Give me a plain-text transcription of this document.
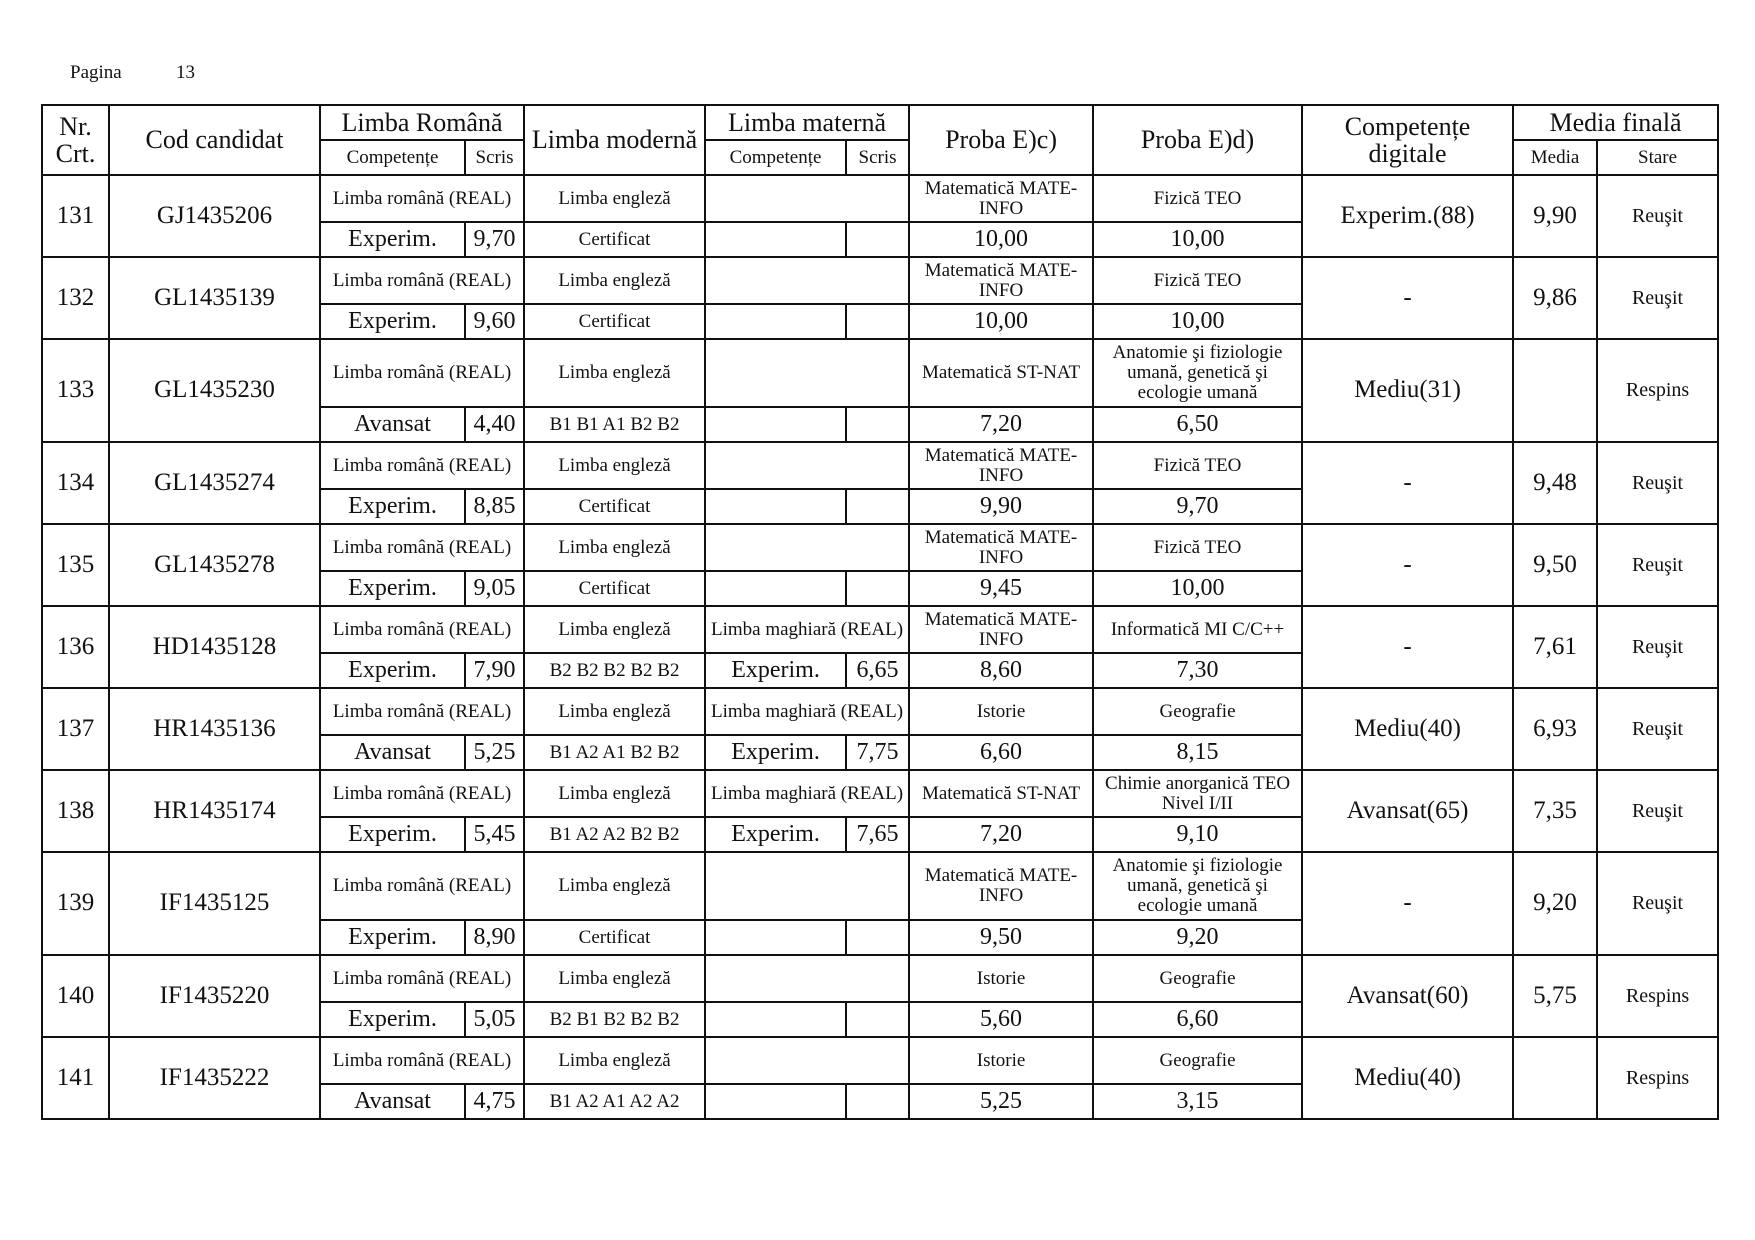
Pagina	13
Nr. Crt.	Cod candidat	Limba Română		Limba modernă	Limba maternă		Proba E)c)	Proba E)d)	Competențe digitale	Media finală	
		Competențe	Scris		Competențe	Scris				Media	Stare
131	GJ1435206	Limba română (REAL)		Limba engleză			Matematică MATE-INFO	Fizică TEO	Experim.(88)	9,90	Reuşit
		Experim.	9,70	Certificat			10,00	10,00			
132	GL1435139	Limba română (REAL)		Limba engleză			Matematică MATE-INFO	Fizică TEO	-	9,86	Reuşit
		Experim.	9,60	Certificat			10,00	10,00			
133	GL1435230	Limba română (REAL)		Limba engleză			Matematică ST-NAT	Anatomie şi fiziologie umană, genetică şi ecologie umană	Mediu(31)		Respins
		Avansat	4,40	B1 B1 A1 B2 B2			7,20	6,50			
134	GL1435274	Limba română (REAL)		Limba engleză			Matematică MATE-INFO	Fizică TEO	-	9,48	Reuşit
		Experim.	8,85	Certificat			9,90	9,70			
135	GL1435278	Limba română (REAL)		Limba engleză			Matematică MATE-INFO	Fizică TEO	-	9,50	Reuşit
		Experim.	9,05	Certificat			9,45	10,00			
136	HD1435128	Limba română (REAL)		Limba engleză	Limba maghiară (REAL)		Matematică MATE-INFO	Informatică MI C/C++	-	7,61	Reuşit
		Experim.	7,90	B2 B2 B2 B2 B2	Experim.	6,65	8,60	7,30			
137	HR1435136	Limba română (REAL)		Limba engleză	Limba maghiară (REAL)		Istorie	Geografie	Mediu(40)	6,93	Reuşit
		Avansat	5,25	B1 A2 A1 B2 B2	Experim.	7,75	6,60	8,15			
138	HR1435174	Limba română (REAL)		Limba engleză	Limba maghiară (REAL)		Matematică ST-NAT	Chimie anorganică TEO Nivel I/II	Avansat(65)	7,35	Reuşit
		Experim.	5,45	B1 A2 A2 B2 B2	Experim.	7,65	7,20	9,10			
139	IF1435125	Limba română (REAL)		Limba engleză			Matematică MATE-INFO	Anatomie şi fiziologie umană, genetică şi ecologie umană	-	9,20	Reuşit
		Experim.	8,90	Certificat			9,50	9,20			
140	IF1435220	Limba română (REAL)		Limba engleză			Istorie	Geografie	Avansat(60)	5,75	Respins
		Experim.	5,05	B2 B1 B2 B2 B2			5,60	6,60			
141	IF1435222	Limba română (REAL)		Limba engleză			Istorie	Geografie	Mediu(40)		Respins
		Avansat	4,75	B1 A2 A1 A2 A2			5,25	3,15			
